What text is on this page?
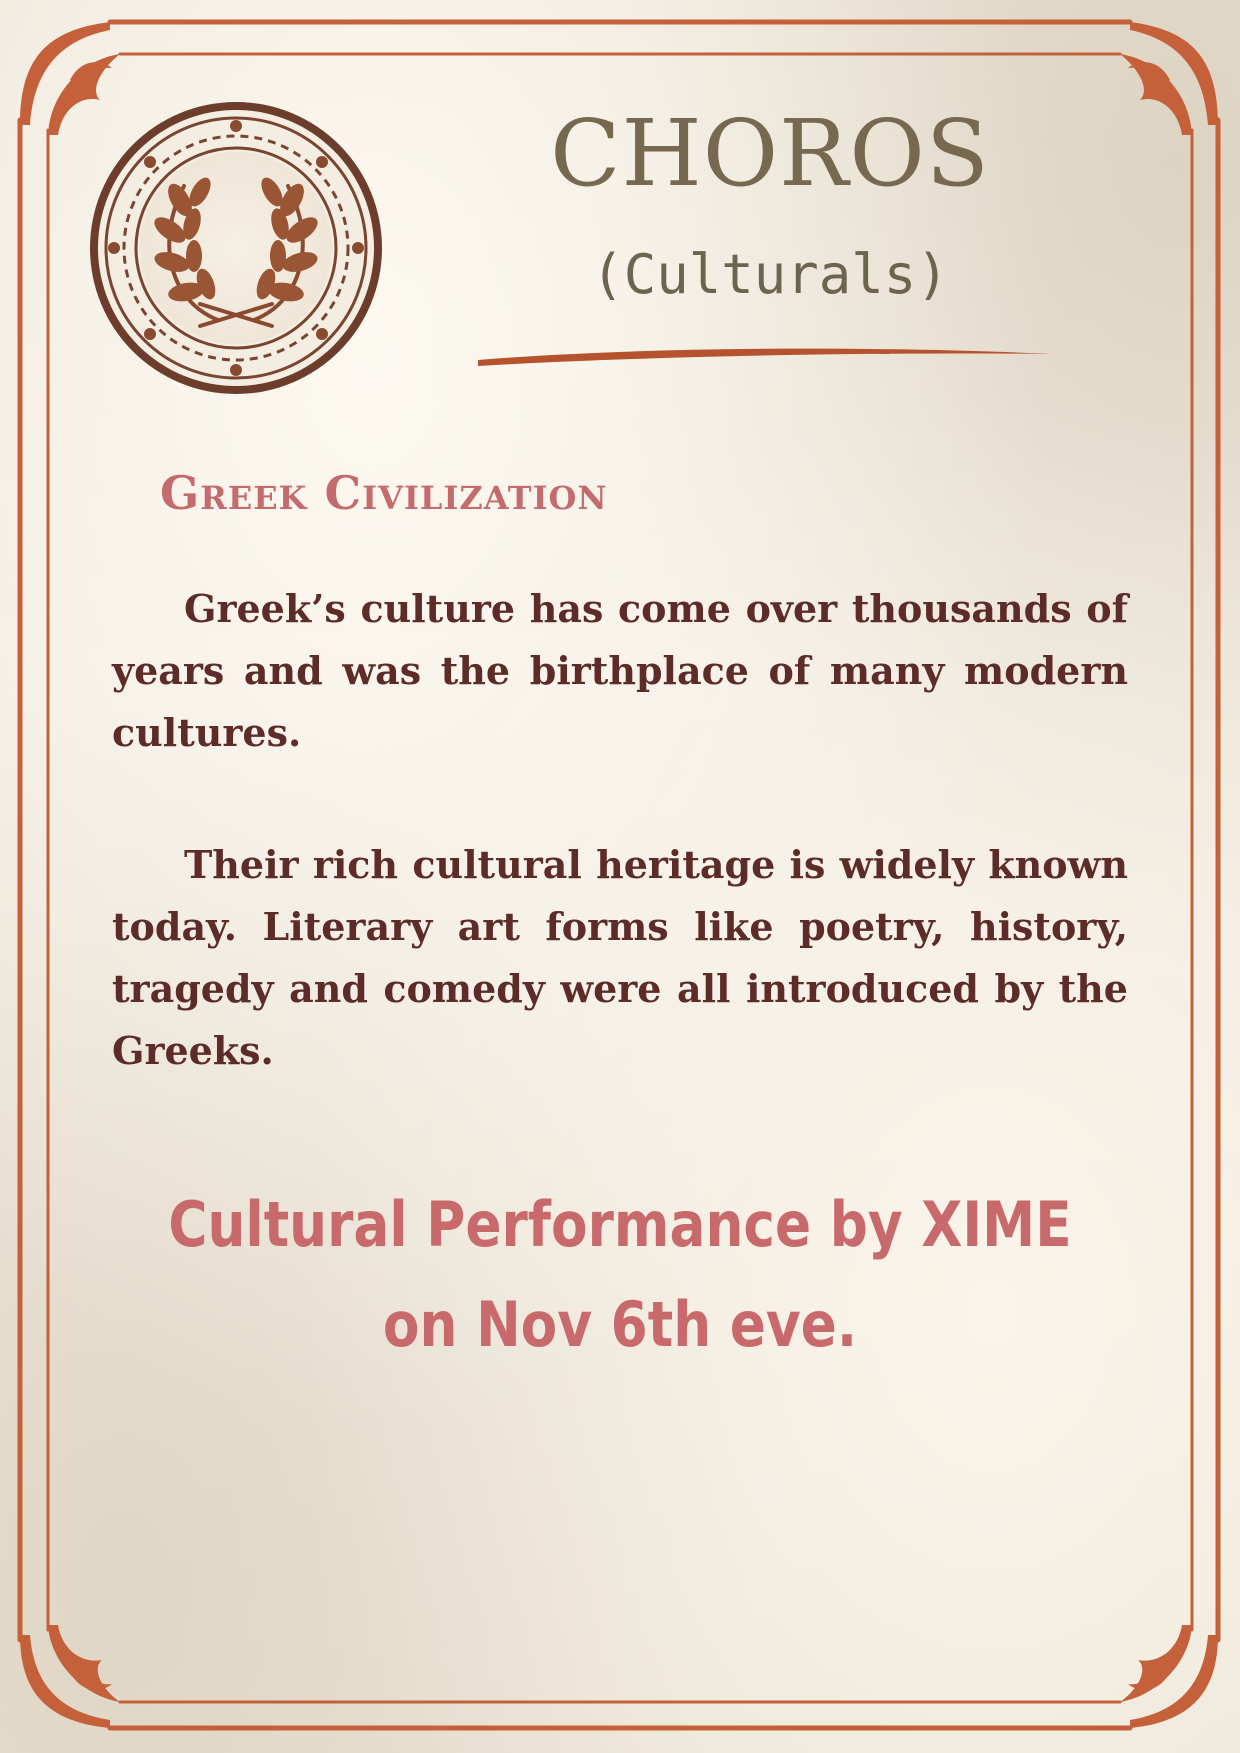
CHOROS
(Culturals)
Greek Civilization

Greek’s culture has come over thousands of years and was the birthplace of many modern cultures.

Their rich cultural heritage is widely known today. Literary art forms like poetry, history, tragedy and comedy were all introduced by the Greeks.

Cultural Performance by XIME
on Nov 6th eve.
